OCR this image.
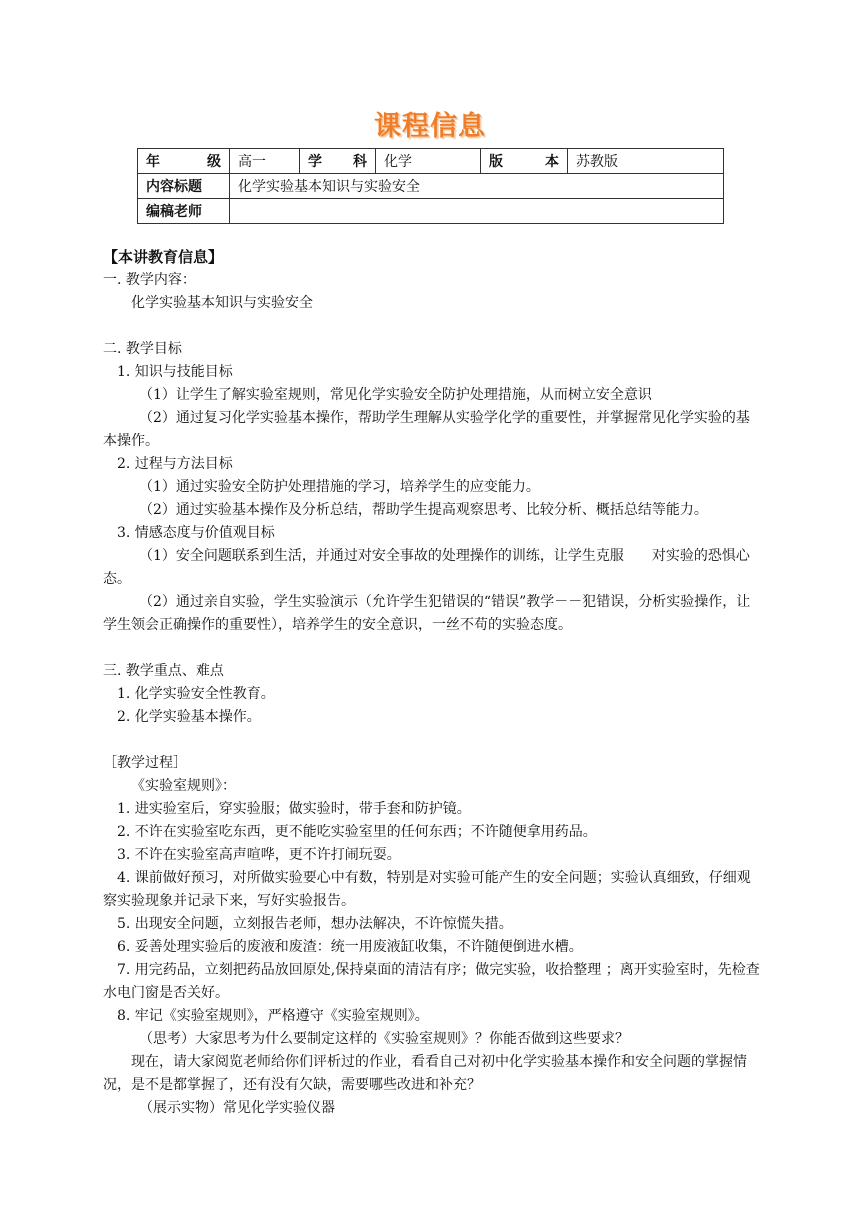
课程信息
年 级	高一	学 科	化学	版 本	苏教版
内容标题	化学实验基本知识与实验安全				
编稿老师					

【本讲教育信息】

一. 教学内容：

化学实验基本知识与实验安全

二. 教学目标

1. 知识与技能目标

（1）让学生了解实验室规则，常见化学实验安全防护处理措施，从而树立安全意识

（2）通过复习化学实验基本操作，帮助学生理解从实验学化学的重要性，并掌握常见化学实验的基本操作。

2. 过程与方法目标

（1）通过实验安全防护处理措施的学习，培养学生的应变能力。

（2）通过实验基本操作及分析总结，帮助学生提高观察思考、比较分析、概括总结等能力。

3. 情感态度与价值观目标

（1）安全问题联系到生活，并通过对安全事故的处理操作的训练，让学生克服　　对实验的恐惧心态。

（2）通过亲自实验，学生实验演示（允许学生犯错误的“错误”教学－－犯错误，分析实验操作，让学生领会正确操作的重要性），培养学生的安全意识，一丝不苟的实验态度。

三. 教学重点、难点

1. 化学实验安全性教育。

2. 化学实验基本操作。

［教学过程］

《实验室规则》：

1. 进实验室后，穿实验服；做实验时，带手套和防护镜。

2. 不许在实验室吃东西，更不能吃实验室里的任何东西；不许随便拿用药品。

3. 不许在实验室高声喧哗，更不许打闹玩耍。

4. 课前做好预习，对所做实验要心中有数，特别是对实验可能产生的安全问题；实验认真细致，仔细观察实验现象并记录下来，写好实验报告。

5. 出现安全问题，立刻报告老师，想办法解决，不许惊慌失措。

6. 妥善处理实验后的废液和废渣：统一用废液缸收集，不许随便倒进水槽。

7. 用完药品，立刻把药品放回原处,保持桌面的清洁有序；做完实验，收拾整理 ；离开实验室时，先检查水电门窗是否关好。

8. 牢记《实验室规则》，严格遵守《实验室规则》。

（思考）大家思考为什么要制定这样的《实验室规则》？你能否做到这些要求？

现在，请大家阅览老师给你们评析过的作业，看看自己对初中化学实验基本操作和安全问题的掌握情况，是不是都掌握了，还有没有欠缺，需要哪些改进和补充？

（展示实物）常见化学实验仪器
